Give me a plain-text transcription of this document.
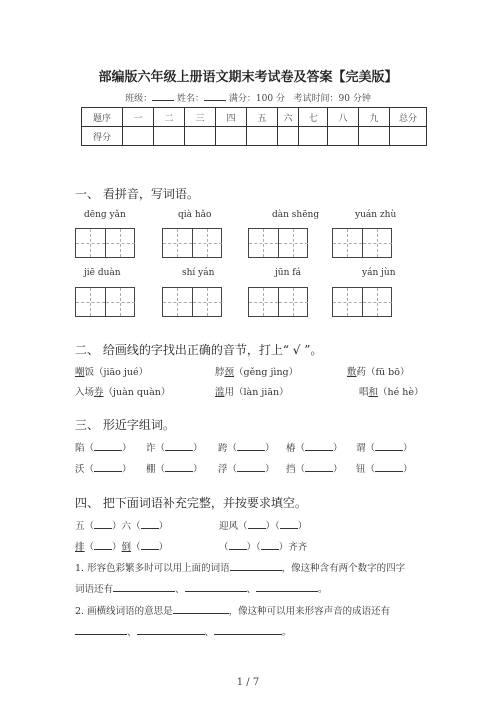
部编版六年级上册语文期末考试卷及答案【完美版】
班级：	姓名：	满分：100 分 考试时间：90 分钟
题序	一	二	三	四	五	六	七	八	九	总分
得分										
一、 看拼音，写词语。
dēng yǎn	qià hǎo	dàn shēng	yuán zhù
jiē duàn	shí yán	jūn fá	yán jùn
二、 给画线的字找出正确的音节，打上“ √ ”。
嘲饭（jiāo jué）	脖颈（gěng jìng）	敷药（fū bō）
入场券（juàn quàn）	滥用（làn jiān）	唱和（hé hè）
三、 形近字组词。
陷（	） 诈（	） 跨（	） 椿（	） 谓（	）
沃（	） 棚（	） 浮（	） 挡（	） 钮（	）
四、 把下面词语补充完整，并按要求填空。
五（ ）六（ ）	迎风（ ）（ ）
排（ ）倒（ ）	（ ）（ ）齐齐
1. 形容色彩繁多时可以用上面的词语	，像这种含有两个数字的四字
词语还有	、	、	。
2. 画横线词语的意思是	，像这种可以用来形容声音的成语还有
、	、	。
1 / 7
